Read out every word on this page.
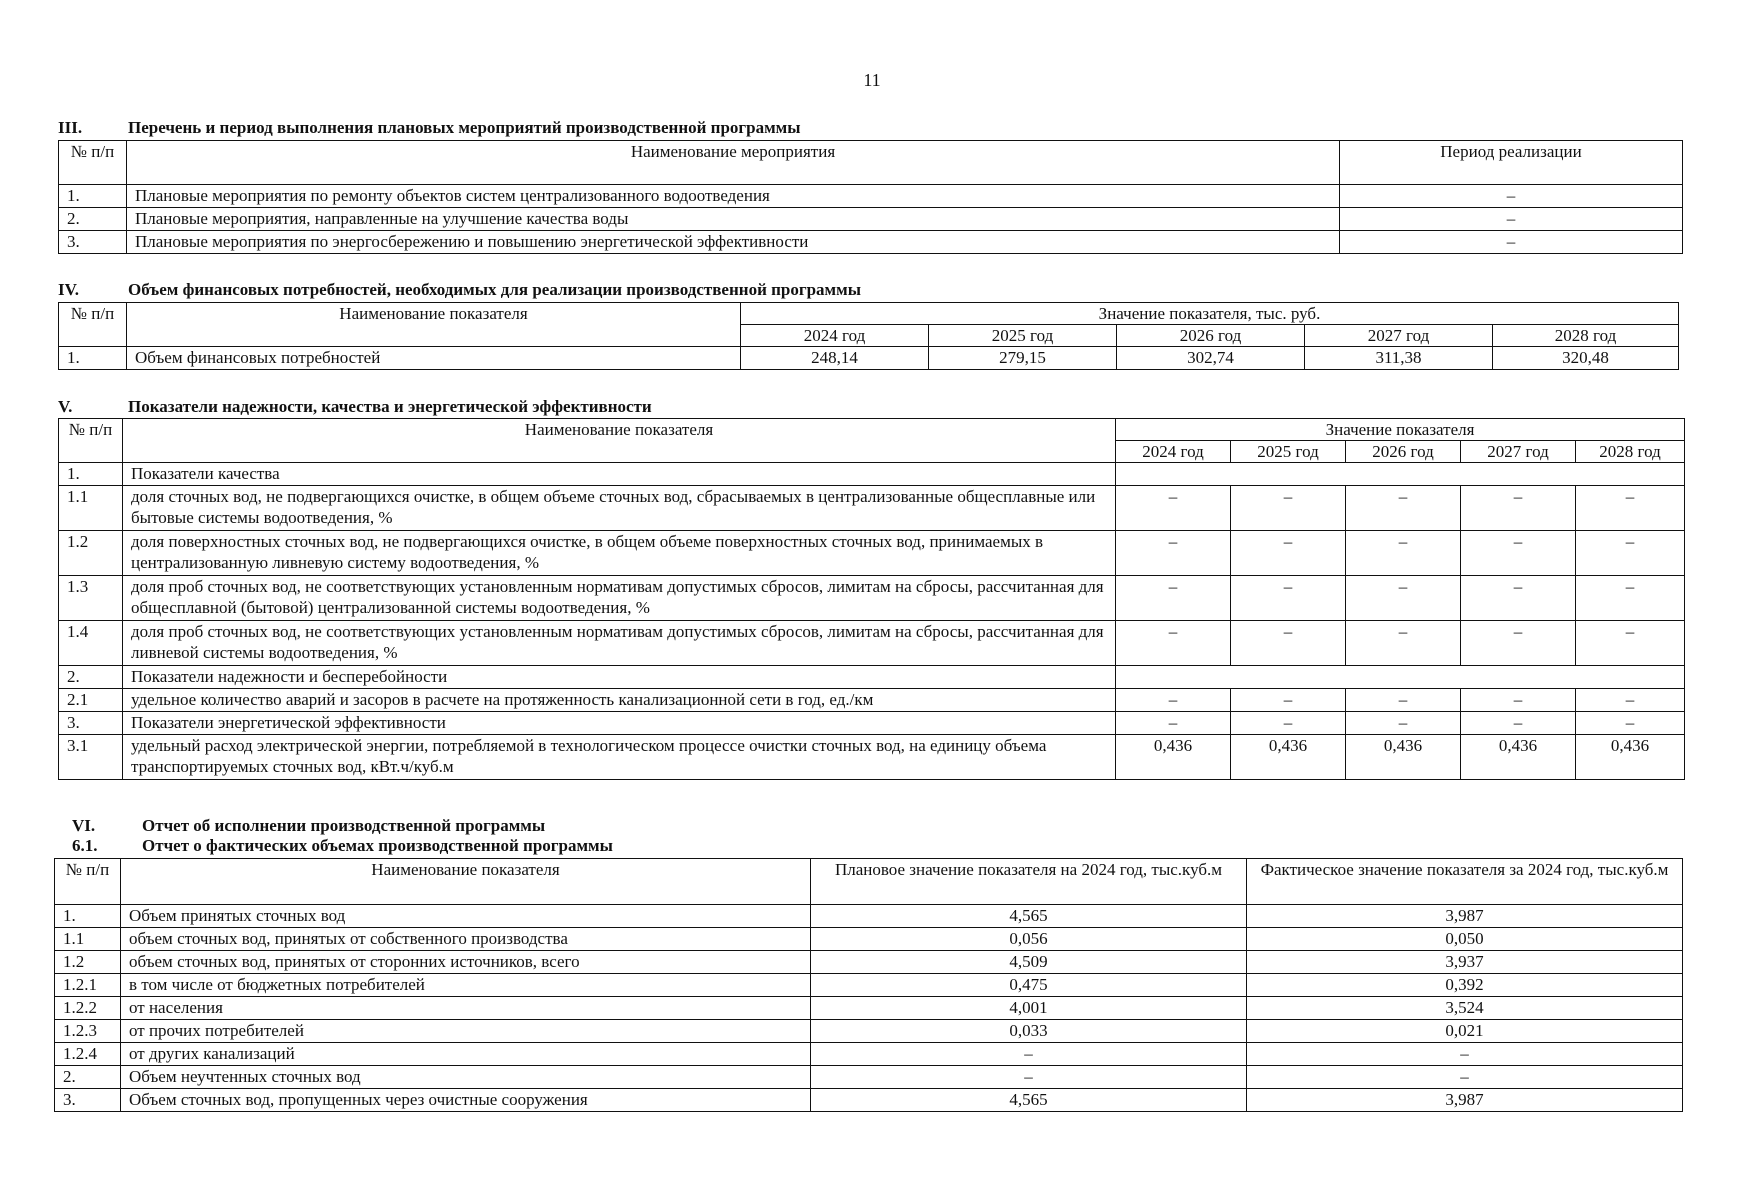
11
III.	Перечень и период выполнения плановых мероприятий производственной программы
№ п/п	Наименование мероприятия	Период реализации
1.	Плановые мероприятия по ремонту объектов систем централизованного водоотведения	–
2.	Плановые мероприятия, направленные на улучшение качества воды	–
3.	Плановые мероприятия по энергосбережению и повышению энергетической эффективности	–
IV.	Объем финансовых потребностей, необходимых для реализации производственной программы
№ п/п	Наименование показателя	Значение показателя, тыс. руб.				
		2024 год	2025 год	2026 год	2027 год	2028 год
1.	Объем финансовых потребностей	248,14	279,15	302,74	311,38	320,48
V.	Показатели надежности, качества и энергетической эффективности
№ п/п	Наименование показателя	Значение показателя				
		2024 год	2025 год	2026 год	2027 год	2028 год
1.	Показатели качества					
1.1	доля сточных вод, не подвергающихся очистке, в общем объеме сточных вод, сбрасываемых в централизованные общесплавные или бытовые системы водоотведения, %	–	–	–	–	–
1.2	доля поверхностных сточных вод, не подвергающихся очистке, в общем объеме поверхностных сточных вод, принимаемых в централизованную ливневую систему водоотведения, %	–	–	–	–	–
1.3	доля проб сточных вод, не соответствующих установленным нормативам допустимых сбросов, лимитам на сбросы, рассчитанная для общесплавной (бытовой) централизованной системы водоотведения, %	–	–	–	–	–
1.4	доля проб сточных вод, не соответствующих установленным нормативам допустимых сбросов, лимитам на сбросы, рассчитанная для ливневой системы водоотведения, %	–	–	–	–	–
2.	Показатели надежности и бесперебойности					
2.1	удельное количество аварий и засоров в расчете на протяженность канализационной сети в год, ед./км	–	–	–	–	–
3.	Показатели энергетической эффективности	–	–	–	–	–
3.1	удельный расход электрической энергии, потребляемой в технологическом процессе очистки сточных вод, на единицу объема транспортируемых сточных вод, кВт.ч/куб.м	0,436	0,436	0,436	0,436	0,436
VI.	Отчет об исполнении производственной программы
6.1.	Отчет о фактических объемах производственной программы
№ п/п	Наименование показателя	Плановое значение показателя на 2024 год, тыс.куб.м	Фактическое значение показателя за 2024 год, тыс.куб.м
1.	Объем принятых сточных вод	4,565	3,987
1.1	объем сточных вод, принятых от собственного производства	0,056	0,050
1.2	объем сточных вод, принятых от сторонних источников, всего	4,509	3,937
1.2.1	в том числе от бюджетных потребителей	0,475	0,392
1.2.2	от населения	4,001	3,524
1.2.3	от прочих потребителей	0,033	0,021
1.2.4	от других канализаций	–	–
2.	Объем неучтенных сточных вод	–	–
3.	Объем сточных вод, пропущенных через очистные сооружения	4,565	3,987
